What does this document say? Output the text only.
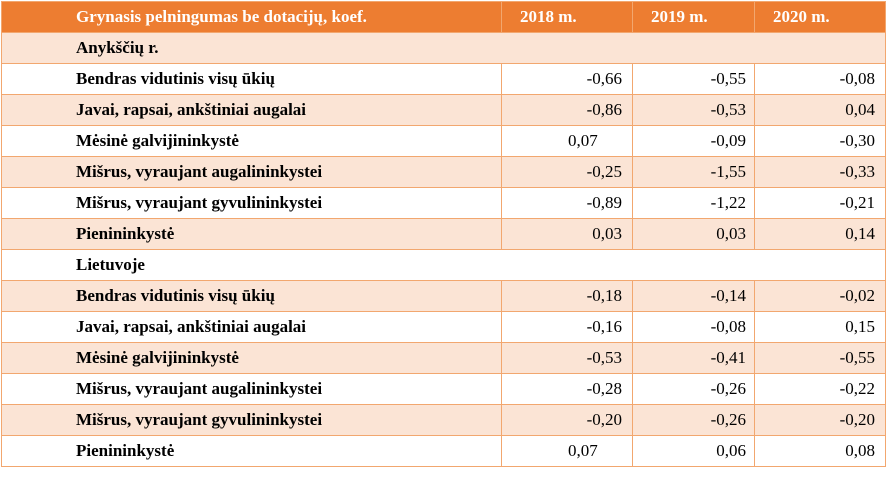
Grynasis pelningumas be dotacijų, koef.	2018 m.	2019 m.	2020 m.
Anykščių r.			
Bendras vidutinis visų ūkių	-0,66	-0,55	-0,08
Javai, rapsai, ankštiniai augalai	-0,86	-0,53	0,04
Mėsinė galvijininkystė	0,07	-0,09	-0,30
Mišrus, vyraujant augalininkystei	-0,25	-1,55	-0,33
Mišrus, vyraujant gyvulininkystei	-0,89	-1,22	-0,21
Pienininkystė	0,03	0,03	0,14
Lietuvoje			
Bendras vidutinis visų ūkių	-0,18	-0,14	-0,02
Javai, rapsai, ankštiniai augalai	-0,16	-0,08	0,15
Mėsinė galvijininkystė	-0,53	-0,41	-0,55
Mišrus, vyraujant augalininkystei	-0,28	-0,26	-0,22
Mišrus, vyraujant gyvulininkystei	-0,20	-0,26	-0,20
Pienininkystė	0,07	0,06	0,08
